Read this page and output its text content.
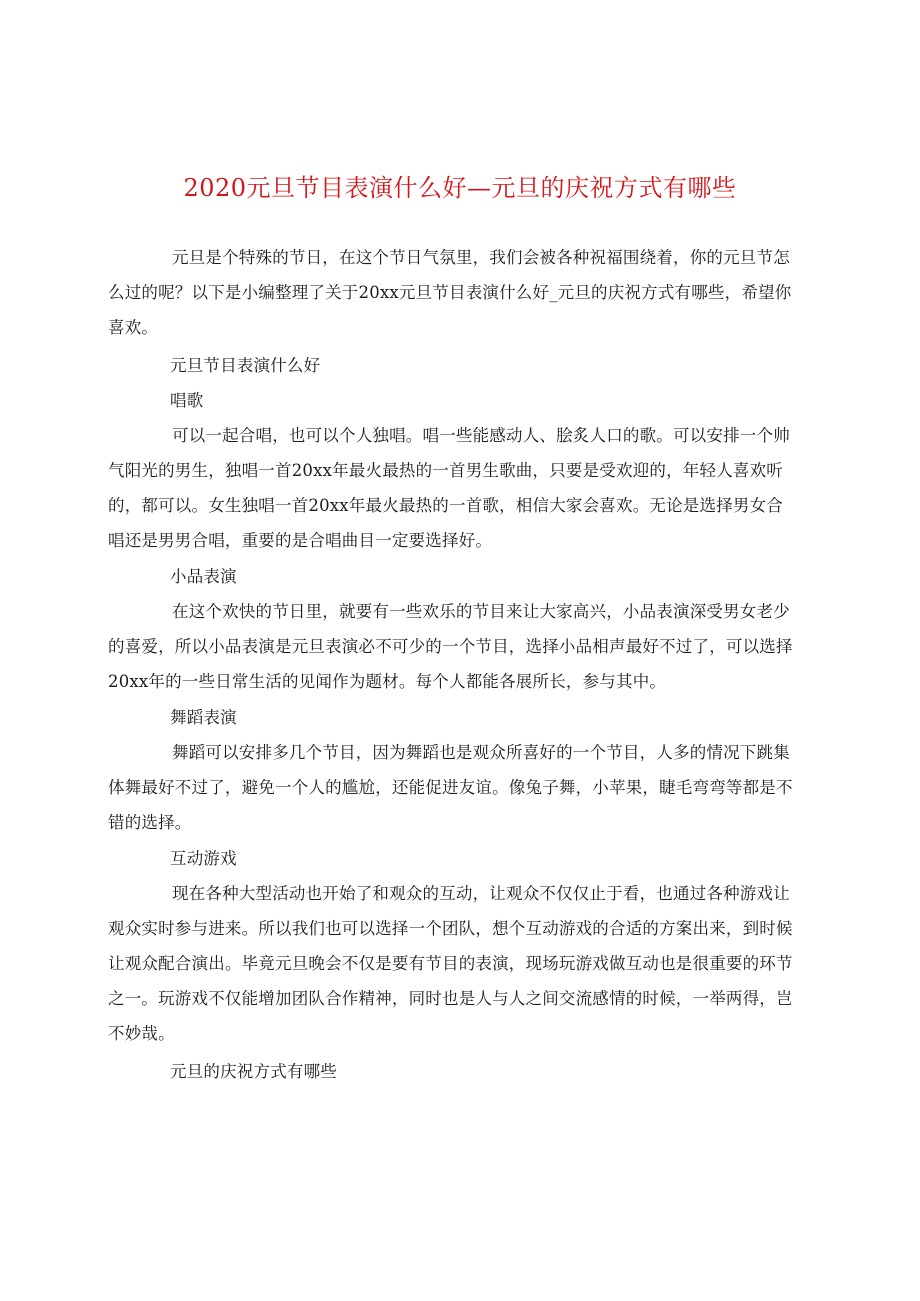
2020元旦节目表演什么好—元旦的庆祝方式有哪些

元旦是个特殊的节日，在这个节日气氛里，我们会被各种祝福围绕着，你的元旦节怎么过的呢？以下是小编整理了关于20xx元旦节目表演什么好_元旦的庆祝方式有哪些，希望你喜欢。

元旦节目表演什么好

唱歌

可以一起合唱，也可以个人独唱。唱一些能感动人、脍炙人口的歌。可以安排一个帅气阳光的男生，独唱一首20xx年最火最热的一首男生歌曲，只要是受欢迎的，年轻人喜欢听的，都可以。女生独唱一首20xx年最火最热的一首歌，相信大家会喜欢。无论是选择男女合唱还是男男合唱，重要的是合唱曲目一定要选择好。

小品表演

在这个欢快的节日里，就要有一些欢乐的节目来让大家高兴，小品表演深受男女老少的喜爱，所以小品表演是元旦表演必不可少的一个节目，选择小品相声最好不过了，可以选择20xx年的一些日常生活的见闻作为题材。每个人都能各展所长，参与其中。

舞蹈表演

舞蹈可以安排多几个节目，因为舞蹈也是观众所喜好的一个节目，人多的情况下跳集体舞最好不过了，避免一个人的尴尬，还能促进友谊。像兔子舞，小苹果，睫毛弯弯等都是不错的选择。

互动游戏

现在各种大型活动也开始了和观众的互动，让观众不仅仅止于看，也通过各种游戏让观众实时参与进来。所以我们也可以选择一个团队，想个互动游戏的合适的方案出来，到时候让观众配合演出。毕竟元旦晚会不仅是要有节目的表演，现场玩游戏做互动也是很重要的环节之一。玩游戏不仅能增加团队合作精神，同时也是人与人之间交流感情的时候，一举两得，岂不妙哉。

元旦的庆祝方式有哪些
